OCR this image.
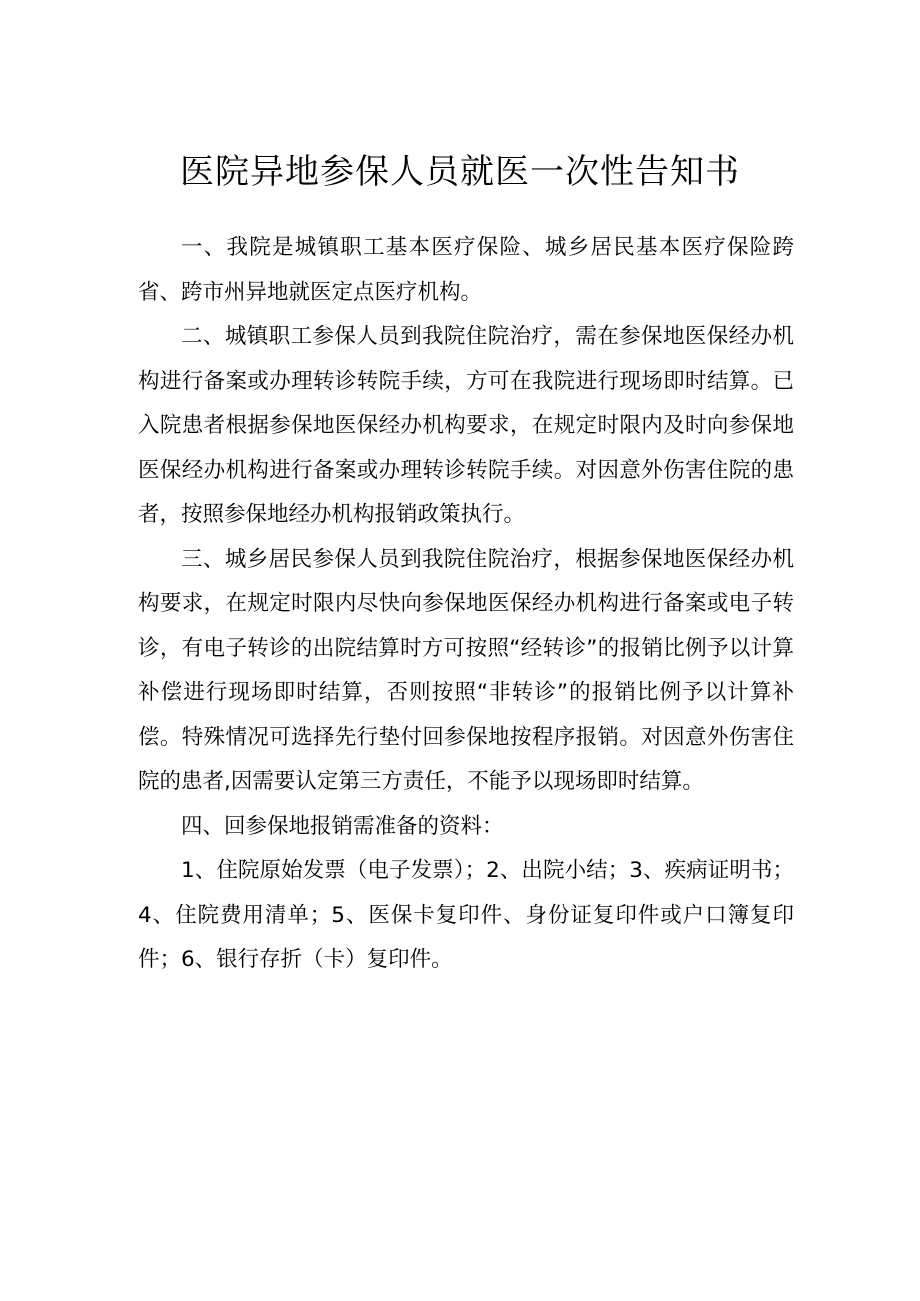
医院异地参保人员就医一次性告知书

一、我院是城镇职工基本医疗保险、城乡居民基本医疗保险跨省、跨市州异地就医定点医疗机构。

二、城镇职工参保人员到我院住院治疗，需在参保地医保经办机构进行备案或办理转诊转院手续，方可在我院进行现场即时结算。已入院患者根据参保地医保经办机构要求，在规定时限内及时向参保地医保经办机构进行备案或办理转诊转院手续。对因意外伤害住院的患者，按照参保地经办机构报销政策执行。

三、城乡居民参保人员到我院住院治疗，根据参保地医保经办机构要求，在规定时限内尽快向参保地医保经办机构进行备案或电子转诊，有电子转诊的出院结算时方可按照“经转诊”的报销比例予以计算补偿进行现场即时结算，否则按照“非转诊”的报销比例予以计算补偿。特殊情况可选择先行垫付回参保地按程序报销。对因意外伤害住院的患者,因需要认定第三方责任，不能予以现场即时结算。

四、回参保地报销需准备的资料：

1、住院原始发票（电子发票）；2、出院小结；3、疾病证明书；4、住院费用清单；5、医保卡复印件、身份证复印件或户口簿复印件；6、银行存折（卡）复印件。
